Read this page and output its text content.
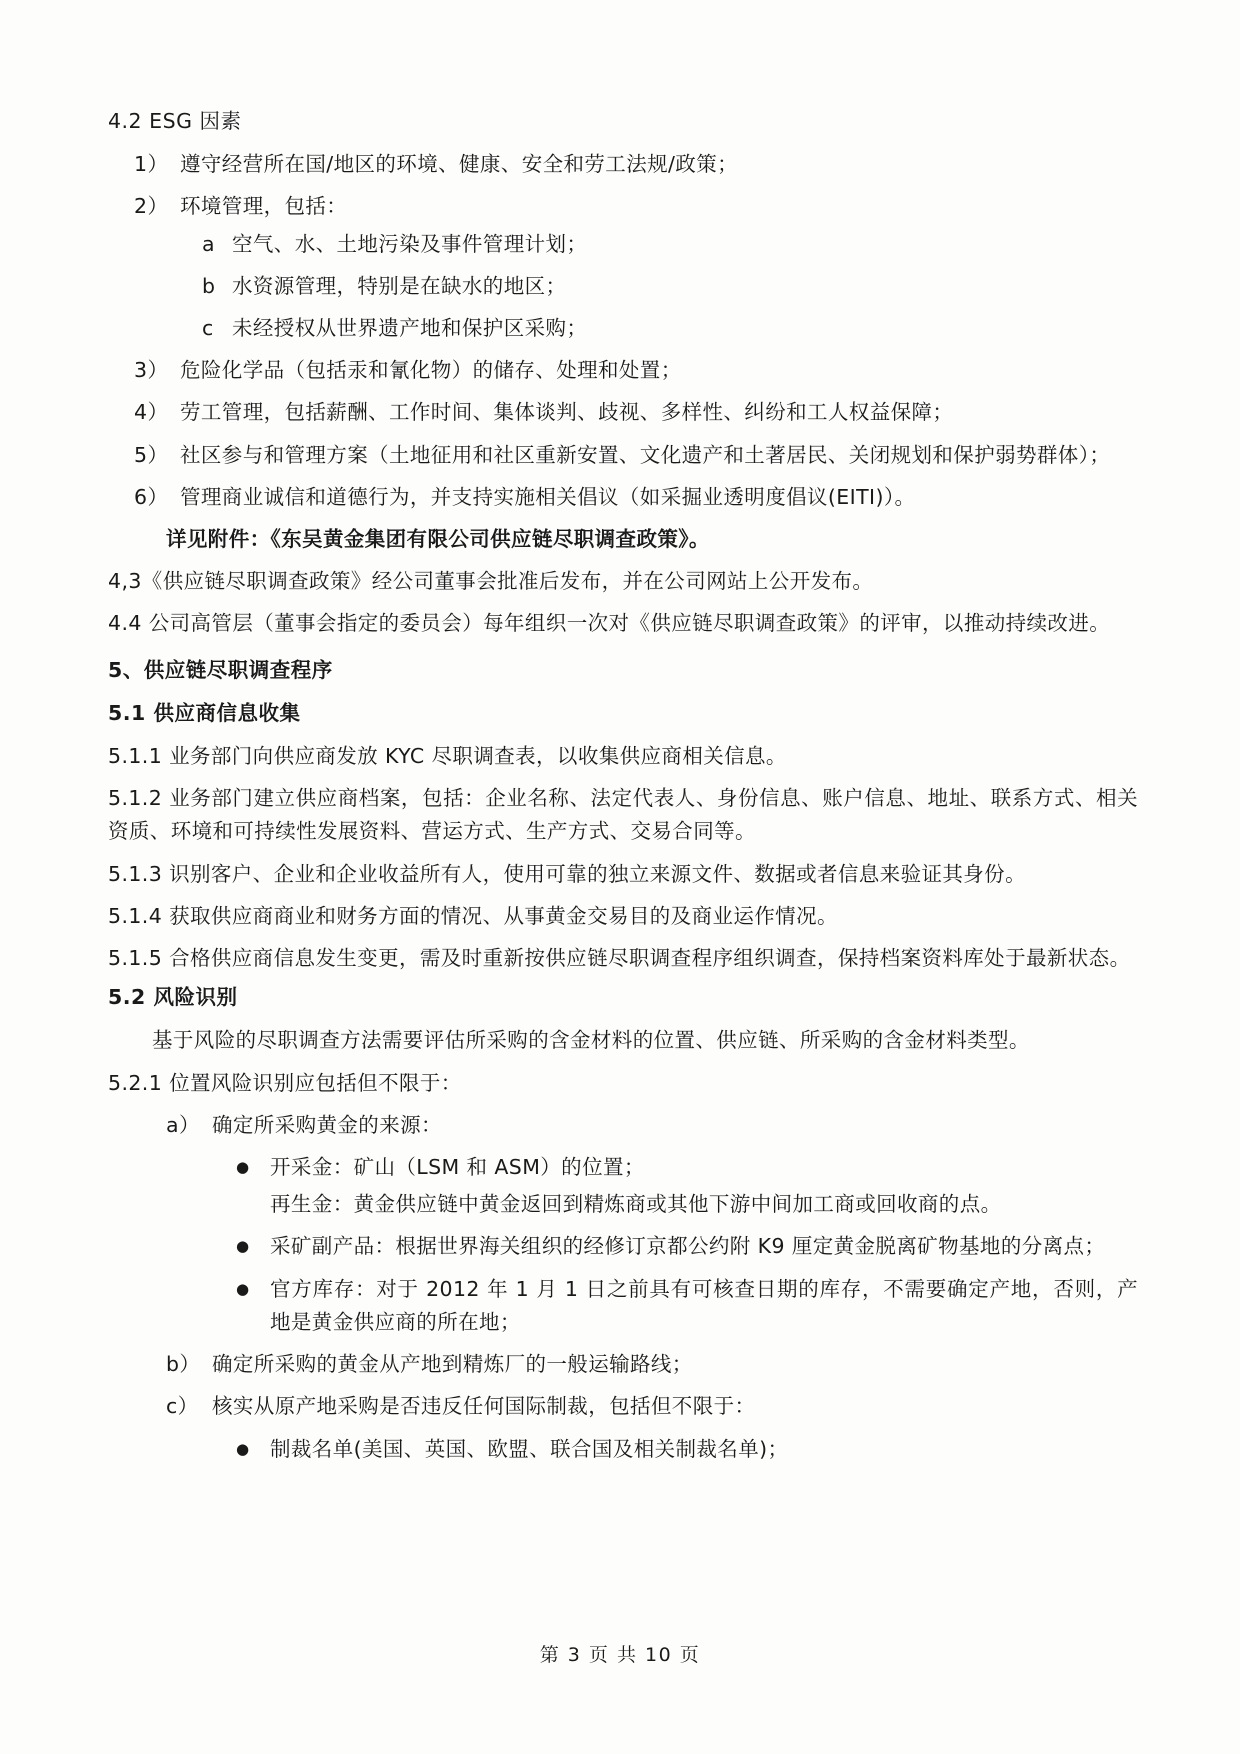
4.2 ESG 因素
1） 遵守经营所在国/地区的环境、健康、安全和劳工法规/政策；
2） 环境管理，包括：
a 空气、水、土地污染及事件管理计划；
b 水资源管理，特别是在缺水的地区；
c 未经授权从世界遗产地和保护区采购；
3） 危险化学品（包括汞和氰化物）的储存、处理和处置；
4） 劳工管理，包括薪酬、工作时间、集体谈判、歧视、多样性、纠纷和工人权益保障；
5） 社区参与和管理方案（土地征用和社区重新安置、文化遗产和土著居民、关闭规划和保护弱势群体）；
6） 管理商业诚信和道德行为，并支持实施相关倡议（如采掘业透明度倡议(EITI)）。
详见附件：《东吴黄金集团有限公司供应链尽职调查政策》。
4,3《供应链尽职调查政策》经公司董事会批准后发布，并在公司网站上公开发布。
4.4 公司高管层（董事会指定的委员会）每年组织一次对《供应链尽职调查政策》的评审，以推动持续改进。
5、供应链尽职调查程序
5.1 供应商信息收集
5.1.1 业务部门向供应商发放 KYC 尽职调查表，以收集供应商相关信息。
5.1.2 业务部门建立供应商档案，包括：企业名称、法定代表人、身份信息、账户信息、地址、联系方式、相关资质、环境和可持续性发展资料、营运方式、生产方式、交易合同等。
5.1.3 识别客户、企业和企业收益所有人，使用可靠的独立来源文件、数据或者信息来验证其身份。
5.1.4 获取供应商商业和财务方面的情况、从事黄金交易目的及商业运作情况。
5.1.5 合格供应商信息发生变更，需及时重新按供应链尽职调查程序组织调查，保持档案资料库处于最新状态。
5.2 风险识别
基于风险的尽职调查方法需要评估所采购的含金材料的位置、供应链、所采购的含金材料类型。
5.2.1 位置风险识别应包括但不限于：
a） 确定所采购黄金的来源：
●	开采金：矿山（LSM 和 ASM）的位置；
再生金：黄金供应链中黄金返回到精炼商或其他下游中间加工商或回收商的点。
●	采矿副产品：根据世界海关组织的经修订京都公约附 K9 厘定黄金脱离矿物基地的分离点；
●	官方库存：对于 2012 年 1 月 1 日之前具有可核查日期的库存，不需要确定产地，否则，产地是黄金供应商的所在地；
b） 确定所采购的黄金从产地到精炼厂的一般运输路线；
c） 核实从原产地采购是否违反任何国际制裁，包括但不限于：
●	制裁名单(美国、英国、欧盟、联合国及相关制裁名单)；
第 3 页 共 10 页
